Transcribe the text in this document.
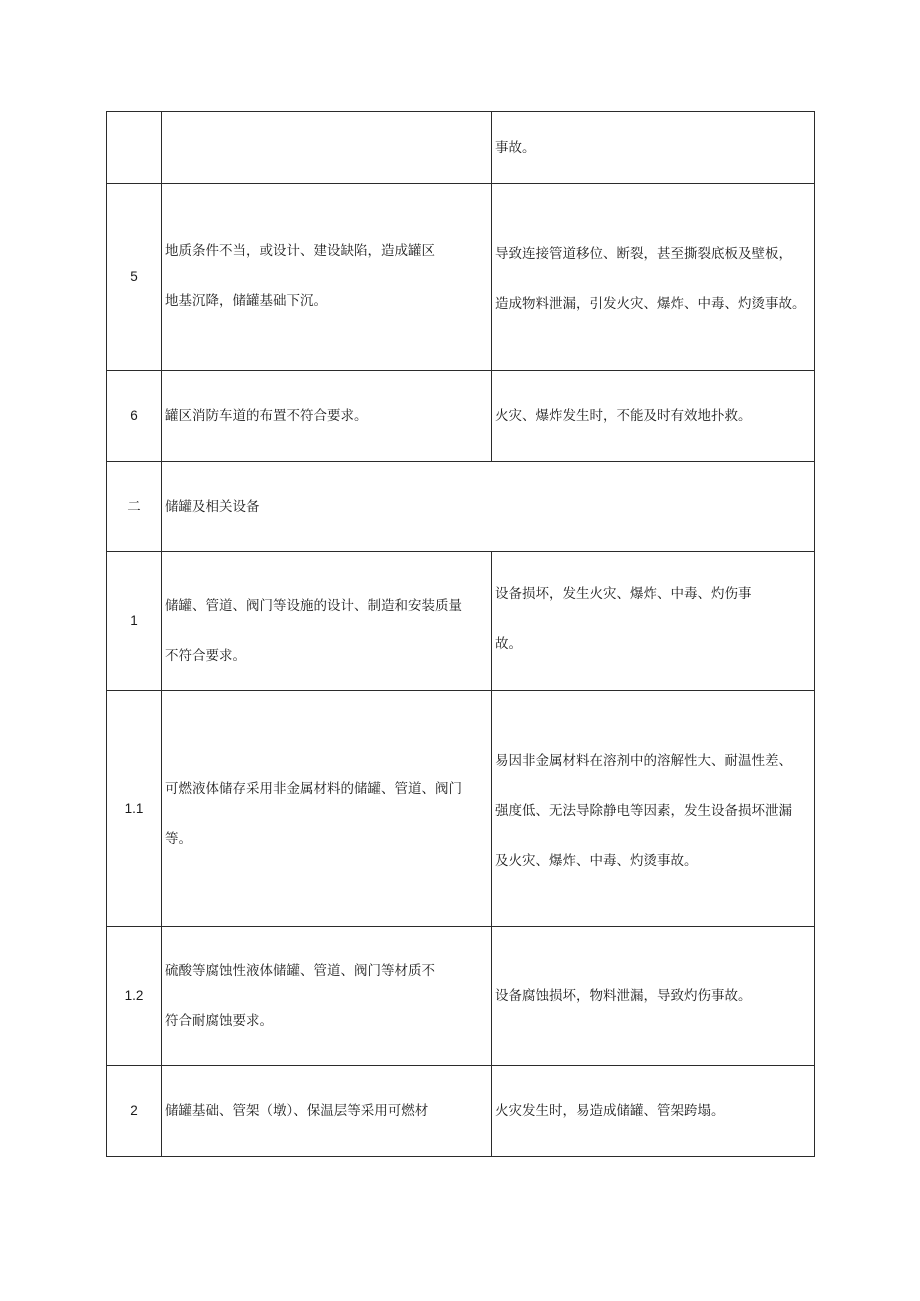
		事故。

5	地质条件不当，或设计、建设缺陷，造成罐区
地基沉降，储罐基础下沉。	导致连接管道移位、断裂，甚至撕裂底板及壁板，
造成物料泄漏，引发火灾、爆炸、中毒、灼烫事故。

6	罐区消防车道的布置不符合要求。	火灾、爆炸发生时，不能及时有效地扑救。

二	储罐及相关设备	

1	储罐、管道、阀门等设施的设计、制造和安装质量
不符合要求。	设备损坏，发生火灾、爆炸、中毒、灼伤事
故。

1.1	可燃液体储存采用非金属材料的储罐、管道、阀门
等。	易因非金属材料在溶剂中的溶解性大、耐温性差、
强度低、无法导除静电等因素，发生设备损坏泄漏
及火灾、爆炸、中毒、灼烫事故。

1.2	硫酸等腐蚀性液体储罐、管道、阀门等材质不
符合耐腐蚀要求。	设备腐蚀损坏，物料泄漏，导致灼伤事故。

2	储罐基础、管架（墩）、保温层等采用可燃材	火灾发生时，易造成储罐、管架跨塌。
